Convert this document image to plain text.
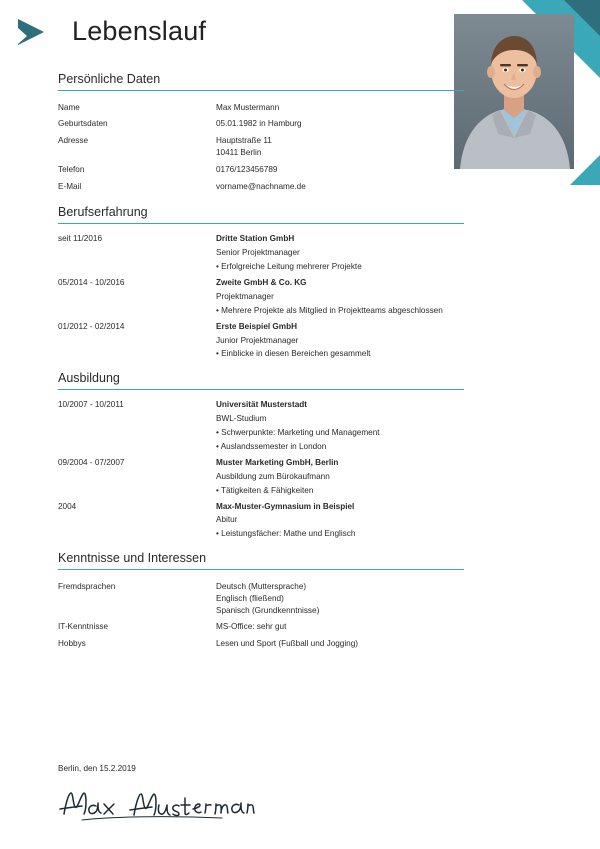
Lebenslauf
Persönliche Daten
Name	Max Mustermann
Geburtsdaten	05.01.1982 in Hamburg
Adresse	Hauptstraße 11
10411 Berlin
Telefon	0176/123456789
E-Mail	vorname@nachname.de
Berufserfahrung
seit 11/2016	Dritte Station GmbH
Senior Projektmanager
• Erfolgreiche Leitung mehrerer Projekte
05/2014 - 10/2016	Zweite GmbH & Co. KG
Projektmanager
• Mehrere Projekte als Mitglied in Projektteams abgeschlossen
01/2012 - 02/2014	Erste Beispiel GmbH
Junior Projektmanager
• Einblicke in diesen Bereichen gesammelt
Ausbildung
10/2007 - 10/2011	Universität Musterstadt
BWL-Studium
• Schwerpunkte: Marketing und Management
• Auslandssemester in London
09/2004 - 07/2007	Muster Marketing GmbH, Berlin
Ausbildung zum Bürokaufmann
• Tätigkeiten & Fähigkeiten
2004	Max-Muster-Gymnasium in Beispiel
Abitur
• Leistungsfächer: Mathe und Englisch
Kenntnisse und Interessen
Fremdsprachen	Deutsch (Muttersprache)
Englisch (fließend)
Spanisch (Grundkenntnisse)
IT-Kenntnisse	MS-Office: sehr gut
Hobbys	Lesen und Sport (Fußball und Jogging)
Berlin, den 15.2.2019
